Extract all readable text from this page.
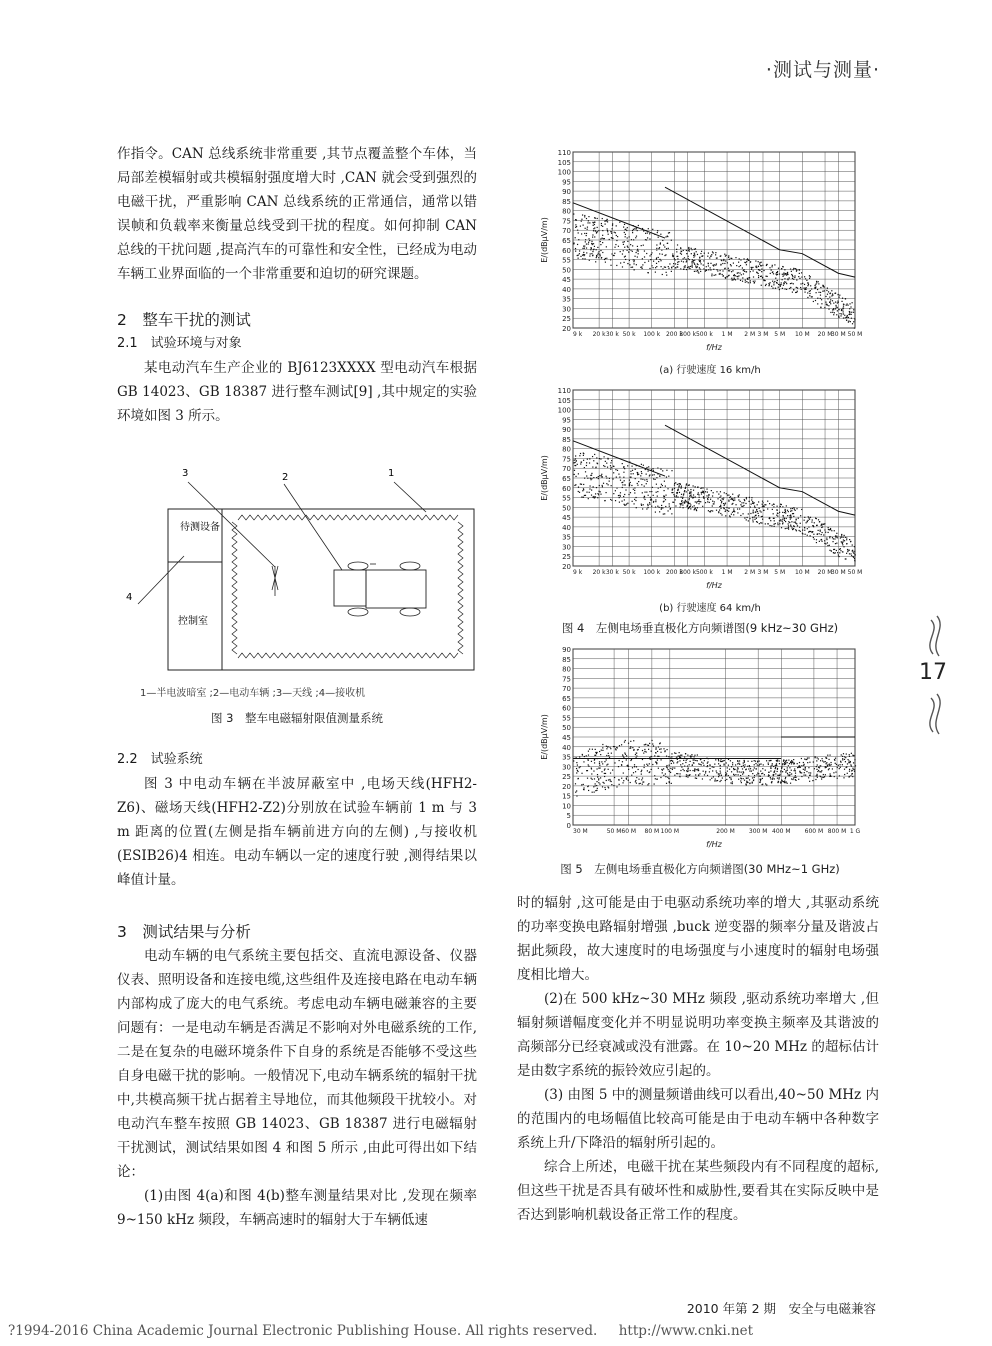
·测试与测量·

作指令。CAN 总线系统非常重要 ,其节点覆盖整个车体，当局部差模辐射或共模辐射强度增大时 ,CAN 就会受到强烈的电磁干扰，严重影响 CAN 总线系统的正常通信，通常以错误帧和负载率来衡量总线受到干扰的程度。如何抑制 CAN 总线的干扰问题 ,提高汽车的可靠性和安全性，已经成为电动车辆工业界面临的一个非常重要和迫切的研究课题。

2　整车干扰的测试
2.1　试验环境与对象

某电动汽车生产企业的 BJ6123XXXX 型电动汽车根据 GB 14023、GB 18387 进行整车测试[9] ,其中规定的实验环境如图 3 所示。

3	2	1
4
待测设备
控制室
1—半电波暗室 ;2—电动车辆 ;3—天线 ;4—接收机
图 3　整车电磁辐射限值测量系统
2.2　试验系统

图 3 中电动车辆在半波屏蔽室中 ,电场天线(HFH2-Z6)、磁场天线(HFH2-Z2)分别放在试验车辆前 1 m 与 3 m 距离的位置(左侧是指车辆前进方向的左侧) ,与接收机(ESIB26)4 相连。电动车辆以一定的速度行驶 ,测得结果以峰值计量。

3　测试结果与分析

电动车辆的电气系统主要包括交、直流电源设备、仪器仪表、照明设备和连接电缆,这些组件及连接电路在电动车辆内部构成了庞大的电气系统。考虑电动车辆电磁兼容的主要问题有：一是电动车辆是否满足不影响对外电磁系统的工作, 二是在复杂的电磁环境条件下自身的系统是否能够不受这些自身电磁干扰的影响。一般情况下,电动车辆系统的辐射干扰中,共模高频干扰占据着主导地位，而其他频段干扰较小。对电动汽车整车按照 GB 14023、GB 18387 进行电磁辐射干扰测试，测试结果如图 4 和图 5 所示 ,由此可得出如下结论：

(1)由图 4(a)和图 4(b)整车测量结果对比 ,发现在频率 9~150 kHz 频段，车辆高速时的辐射大于车辆低速

20
25
30
35
40
45
50
55
60
65
70
75
80
85
90
95
100
105
110
9 k 20 k 30 k 50 k 100 k 200 k
300 k 500 k 1 M 2 M 3 M 5 M 10 M 20 M
30 M 50 M
E/(dBμV/m)
f/Hz
(a) 行驶速度 16 km/h
20
25
30
35
40
45
50
55
60
65
70
75
80
85
90
95
100
105
110
9 k 20 k 30 k 50 k 100 k 200 k
300 k 500 k 1 M 2 M 3 M 5 M 10 M 20 M
30 M 50 M
E/(dBμV/m)
f/Hz
(b) 行驶速度 64 km/h
图 4　左侧电场垂直极化方向频谱图(9 kHz~30 GHz)
0
5
10
15
20
25
30
35
40
45
50
55
60
65
70
75
80
85
90
30 M	50 M 60 M 80 M 100 M	200 M 300 M 400 M 600 M 800 M 1 G
E/(dBμV/m)
f/Hz
图 5　左侧电场垂直极化方向频谱图(30 MHz~1 GHz)

时的辐射 ,这可能是由于电驱动系统功率的增大 ,其驱动系统的功率变换电路辐射增强 ,buck 逆变器的频率分量及谐波占据此频段，故大速度时的电场强度与小速度时的辐射电场强度相比增大。

(2)在 500 kHz~30 MHz 频段 ,驱动系统功率增大 ,但辐射频谱幅度变化并不明显说明功率变换主频率及其谐波的高频部分已经衰减或没有泄露。在 10~20 MHz 的超标估计是由数字系统的振铃效应引起的。

(3) 由图 5 中的测量频谱曲线可以看出,40~50 MHz 内的范围内的电场幅值比较高可能是由于电动车辆中各种数字系统上升/下降沿的辐射所引起的。

综合上所述，电磁干扰在某些频段内有不同程度的超标,但这些干扰是否具有破坏性和威胁性,要看其在实际反映中是否达到影响机载设备正常工作的程度。

17
2010 年第 2 期　安全与电磁兼容
?1994-2016 China Academic Journal Electronic Publishing House. All rights reserved.     http://www.cnki.net
